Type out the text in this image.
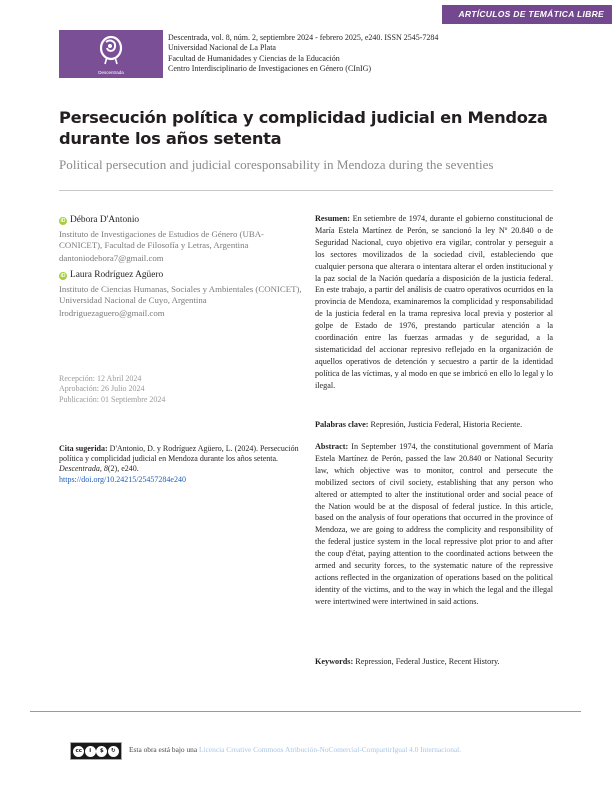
ARTÍCULOS DE TEMÁTICA LIBRE
Descentrada
Descentrada, vol. 8, núm. 2, septiembre 2024 - febrero 2025, e240. ISSN 2545-7284
Universidad Nacional de La Plata
Facultad de Humanidades y Ciencias de la Educación
Centro Interdisciplinario de Investigaciones en Género (CInIG)
Persecución política y complicidad judicial en Mendoza durante los años setenta
Political persecution and judicial coresponsability in Mendoza during the seventies
iD Débora D'Antonio
Instituto de Investigaciones de Estudios de Género (UBA-CONICET), Facultad de Filosofía y Letras, Argentina
dantoniodebora7@gmail.com
iD Laura Rodríguez Agüero
Instituto de Ciencias Humanas, Sociales y Ambientales (CONICET), Universidad Nacional de Cuyo, Argentina
lrodriguezaguero@gmail.com
Recepción: 12 Abril 2024
Aprobación: 26 Julio 2024
Publicación: 01 Septiembre 2024
Cita sugerida: D'Antonio, D. y Rodríguez Agüero, L. (2024). Persecución política y complicidad judicial en Mendoza durante los años setenta. Descentrada, 8(2), e240.
https://doi.org/10.24215/25457284e240

Resumen: En setiembre de 1974, durante el gobierno constitucional de María Estela Martínez de Perón, se sancionó la ley Nº 20.840 o de Seguridad Nacional, cuyo objetivo era vigilar, controlar y perseguir a los sectores movilizados de la sociedad civil, estableciendo que cualquier persona que alterara o intentara alterar el orden institucional y la paz social de la Nación quedaría a disposición de la justicia federal. En este trabajo, a partir del análisis de cuatro operativos ocurridos en la provincia de Mendoza, examinaremos la complicidad y responsabilidad de la justicia federal en la trama represiva local previa y posterior al golpe de Estado de 1976, prestando particular atención a la coordinación entre las fuerzas armadas y de seguridad, a la sistematicidad del accionar represivo reflejado en la organización de aquellos operativos de detención y secuestro a partir de la identidad política de las víctimas, y al modo en que se imbricó en ello lo legal y lo ilegal.

Palabras clave: Represión, Justicia Federal, Historia Reciente.

Abstract: In September 1974, the constitutional government of María Estela Martínez de Perón, passed the law 20.840 or National Security law, which objective was to monitor, control and persecute the mobilized sectors of civil society, establishing that any person who altered or attempted to alter the institutional order and social peace of the Nation would be at the disposal of federal justice. In this article, based on the analysis of four operations that occurred in the province of Mendoza, we are going to address the complicity and responsibility of the federal justice system in the local repressive plot prior to and after the coup d'état, paying attention to the coordinated actions between the armed and security forces, to the systematic nature of the repressive actions reflected in the organization of operations based on the political identity of the victims, and to the way in which the legal and the illegal were intertwined were intertwined in said actions.

Keywords: Repression, Federal Justice, Recent History.

cc	i	$	↻	Esta obra está bajo una Licencia Creative Commons Atribución-NoComercial-CompartirIgual 4.0 Internacional.
